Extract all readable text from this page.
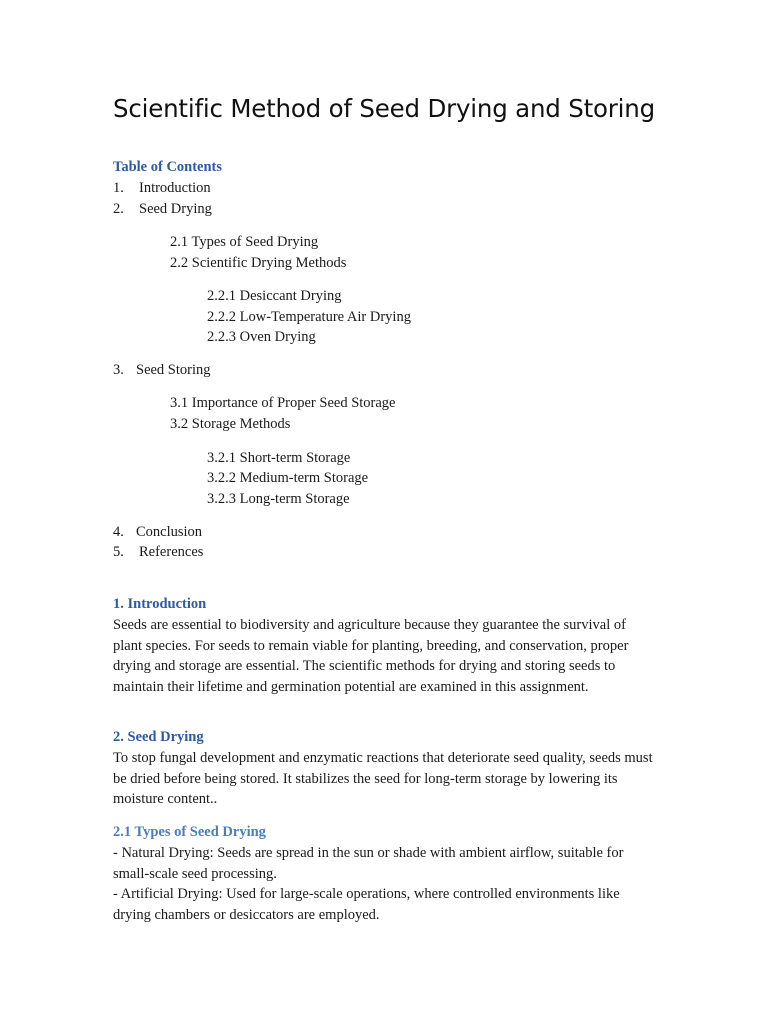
Scientific Method of Seed Drying and Storing
Table of Contents
1. Introduction
2. Seed Drying
2.1 Types of Seed Drying
2.2 Scientific Drying Methods
2.2.1 Desiccant Drying
2.2.2 Low-Temperature Air Drying
2.2.3 Oven Drying
3. Seed Storing
3.1 Importance of Proper Seed Storage
3.2 Storage Methods
3.2.1 Short-term Storage
3.2.2 Medium-term Storage
3.2.3 Long-term Storage
4. Conclusion
5. References
1. Introduction

Seeds are essential to biodiversity and agriculture because they guarantee the survival of plant species. For seeds to remain viable for planting, breeding, and conservation, proper drying and storage are essential. The scientific methods for drying and storing seeds to maintain their lifetime and germination potential are examined in this assignment.

2. Seed Drying

To stop fungal development and enzymatic reactions that deteriorate seed quality, seeds must be dried before being stored. It stabilizes the seed for long-term storage by lowering its moisture content..

2.1 Types of Seed Drying

- Natural Drying: Seeds are spread in the sun or shade with ambient airflow, suitable for small-scale seed processing.

- Artificial Drying: Used for large-scale operations, where controlled environments like drying chambers or desiccators are employed.
